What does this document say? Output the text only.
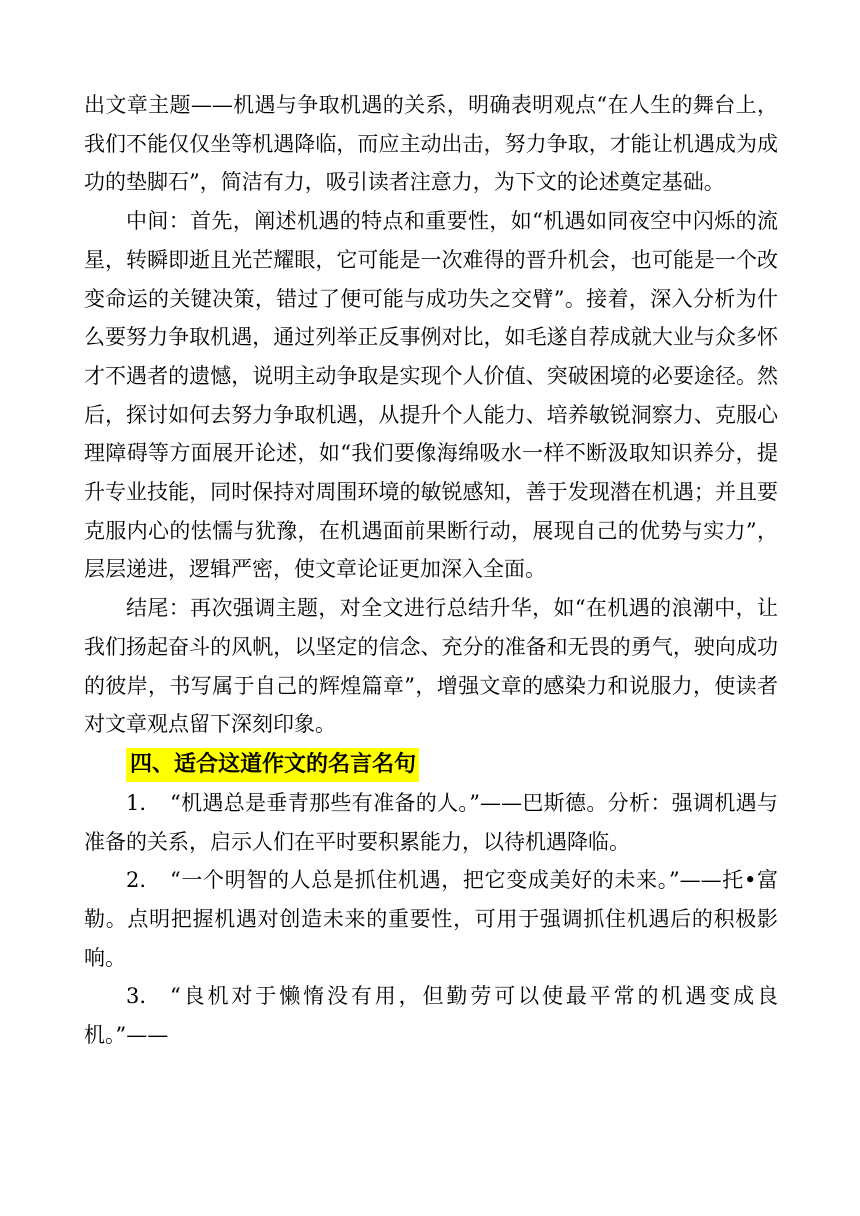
出文章主题——机遇与争取机遇的关系，明确表明观点“在人生的舞台上，我们不能仅仅坐等机遇降临，而应主动出击，努力争取，才能让机遇成为成功的垫脚石”，简洁有力，吸引读者注意力，为下文的论述奠定基础。

中间：首先，阐述机遇的特点和重要性，如“机遇如同夜空中闪烁的流星，转瞬即逝且光芒耀眼，它可能是一次难得的晋升机会，也可能是一个改变命运的关键决策，错过了便可能与成功失之交臂”。接着，深入分析为什么要努力争取机遇，通过列举正反事例对比，如毛遂自荐成就大业与众多怀才不遇者的遗憾，说明主动争取是实现个人价值、突破困境的必要途径。然后，探讨如何去努力争取机遇，从提升个人能力、培养敏锐洞察力、克服心理障碍等方面展开论述，如“我们要像海绵吸水一样不断汲取知识养分，提升专业技能，同时保持对周围环境的敏锐感知，善于发现潜在机遇；并且要克服内心的怯懦与犹豫，在机遇面前果断行动，展现自己的优势与实力”，层层递进，逻辑严密，使文章论证更加深入全面。

结尾：再次强调主题，对全文进行总结升华，如“在机遇的浪潮中，让我们扬起奋斗的风帆，以坚定的信念、充分的准备和无畏的勇气，驶向成功的彼岸，书写属于自己的辉煌篇章”，增强文章的感染力和说服力，使读者对文章观点留下深刻印象。

四、适合这道作文的名言名句

1. “机遇总是垂青那些有准备的人。”——巴斯德。分析：强调机遇与准备的关系，启示人们在平时要积累能力，以待机遇降临。

2. “一个明智的人总是抓住机遇，把它变成美好的未来。”——托•富勒。点明把握机遇对创造未来的重要性，可用于强调抓住机遇后的积极影响。

3. “良机对于懒惰没有用，但勤劳可以使最平常的机遇变成良机。”——
